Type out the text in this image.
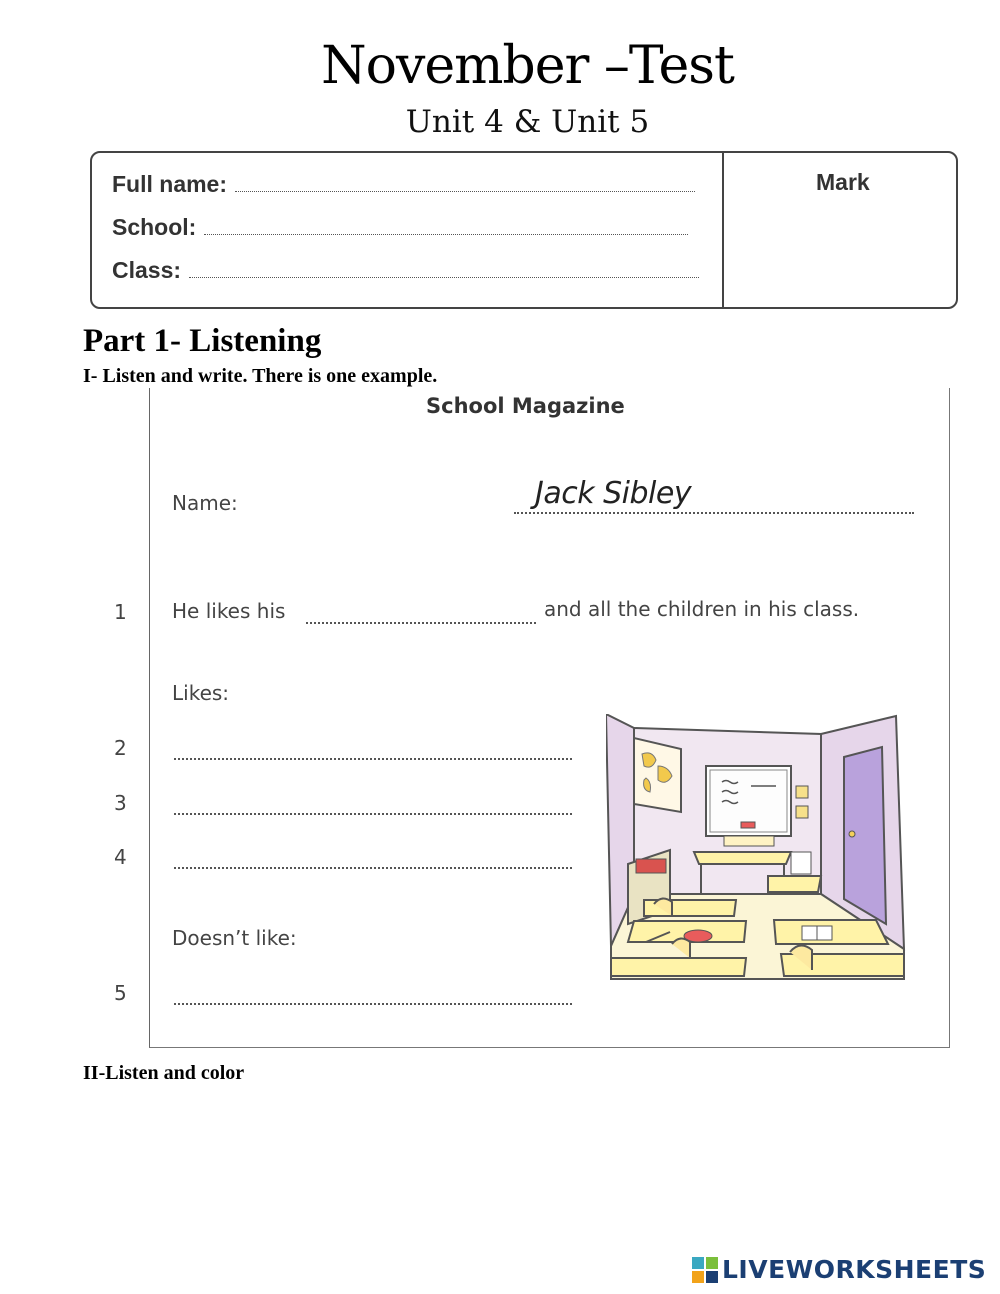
November –Test
Unit 4 & Unit 5
Full name:
School:
Class:
Mark
Part 1- Listening
I- Listen and write. There is one example.
School Magazine
Name:	Jack Sibley
1 He likes his	and all the children in his class.
Likes:
2
3
4
Doesn’t like:
5
II-Listen and color
LIVEWORKSHEETS
